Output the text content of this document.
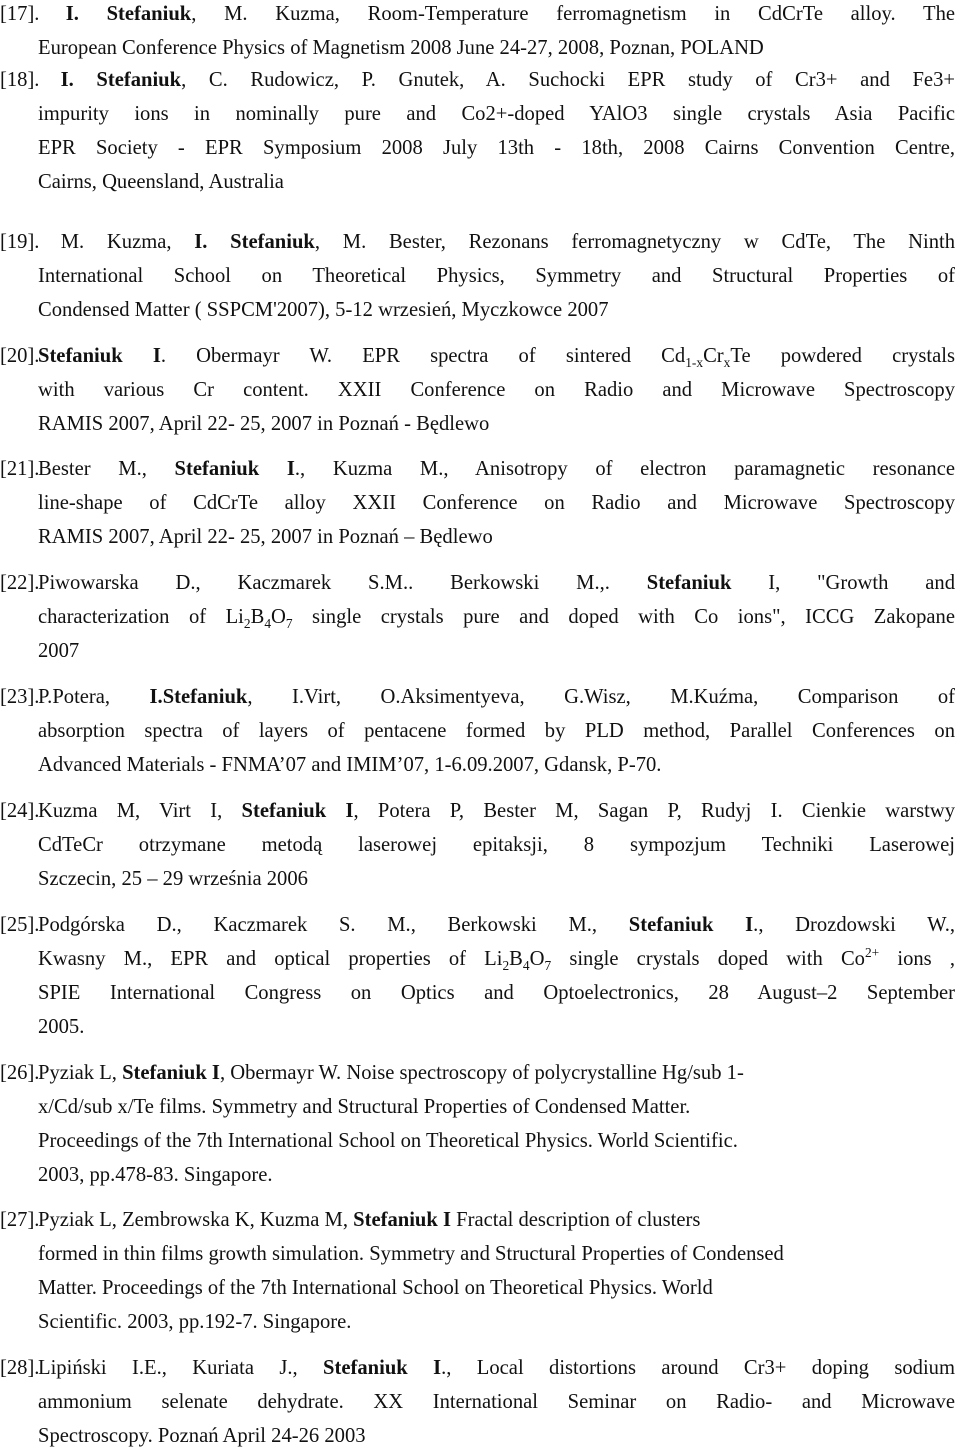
[17]. I. Stefaniuk, M. Kuzma, Room-Temperature ferromagnetism in CdCrTe alloy. The
European Conference Physics of Magnetism 2008 June 24-27, 2008, Poznan, POLAND
[18]. I. Stefaniuk, C. Rudowicz, P. Gnutek, A. Suchocki EPR study of Cr3+ and Fe3+
impurity ions in nominally pure and Co2+-doped YAlO3 single crystals Asia Pacific
EPR Society - EPR Symposium 2008 July 13th - 18th, 2008 Cairns Convention Centre,
Cairns, Queensland, Australia
[19]. M. Kuzma, I. Stefaniuk, M. Bester, Rezonans ferromagnetyczny w CdTe, The Ninth
International School on Theoretical Physics, Symmetry and Structural Properties of
Condensed Matter ( SSPCM'2007), 5-12 wrzesień, Myczkowce 2007
[20].Stefaniuk I. Obermayr W. EPR spectra of sintered $Cd_{1-x}Cr_xTe$ powdered crystals
with various Cr content. XXII Conference on Radio and Microwave Spectroscopy
RAMIS 2007, April 22- 25, 2007 in Poznań - Będlewo
[21].Bester M., Stefaniuk I., Kuzma M., Anisotropy of electron paramagnetic resonance
line-shape of CdCrTe alloy XXII Conference on Radio and Microwave Spectroscopy
RAMIS 2007, April 22- 25, 2007 in Poznań – Będlewo
[22].Piwowarska D., Kaczmarek S.M.. Berkowski M.,. Stefaniuk I, "Growth and
characterization of $Li_2B_4O_7$ single crystals pure and doped with Co ions", ICCG Zakopane
2007
[23].P.Potera, I.Stefaniuk, I.Virt, O.Aksimentyeva, G.Wisz, M.Kuźma, Comparison of
absorption spectra of layers of pentacene formed by PLD method, Parallel Conferences on
Advanced Materials - FNMA’07 and IMIM’07, 1-6.09.2007, Gdansk, P-70.
[24].Kuzma M, Virt I, Stefaniuk I, Potera P, Bester M, Sagan P, Rudyj I. Cienkie warstwy
CdTeCr otrzymane metodą laserowej epitaksji, 8 sympozjum Techniki Laserowej
Szczecin, 25 – 29 września 2006
[25].Podgórska D., Kaczmarek S. M., Berkowski M., Stefaniuk I., Drozdowski W.,
Kwasny M., EPR and optical properties of $Li_2B_4O_7$ single crystals doped with $Co^{2+}$ ions ,
SPIE International Congress on Optics and Optoelectronics, 28 August–2 September
2005.
[26].Pyziak L, Stefaniuk I, Obermayr W. Noise spectroscopy of polycrystalline Hg/sub 1-
x/Cd/sub x/Te films. Symmetry and Structural Properties of Condensed Matter.
Proceedings of the 7th International School on Theoretical Physics. World Scientific.
2003, pp.478-83. Singapore.
[27].Pyziak L, Zembrowska K, Kuzma M, Stefaniuk I Fractal description of clusters
formed in thin films growth simulation. Symmetry and Structural Properties of Condensed
Matter. Proceedings of the 7th International School on Theoretical Physics. World
Scientific. 2003, pp.192-7. Singapore.
[28].Lipiński I.E., Kuriata J., Stefaniuk I., Local distortions around Cr3+ doping sodium
ammonium selenate dehydrate. XX International Seminar on Radio- and Microwave
Spectroscopy. Poznań April 24-26 2003
